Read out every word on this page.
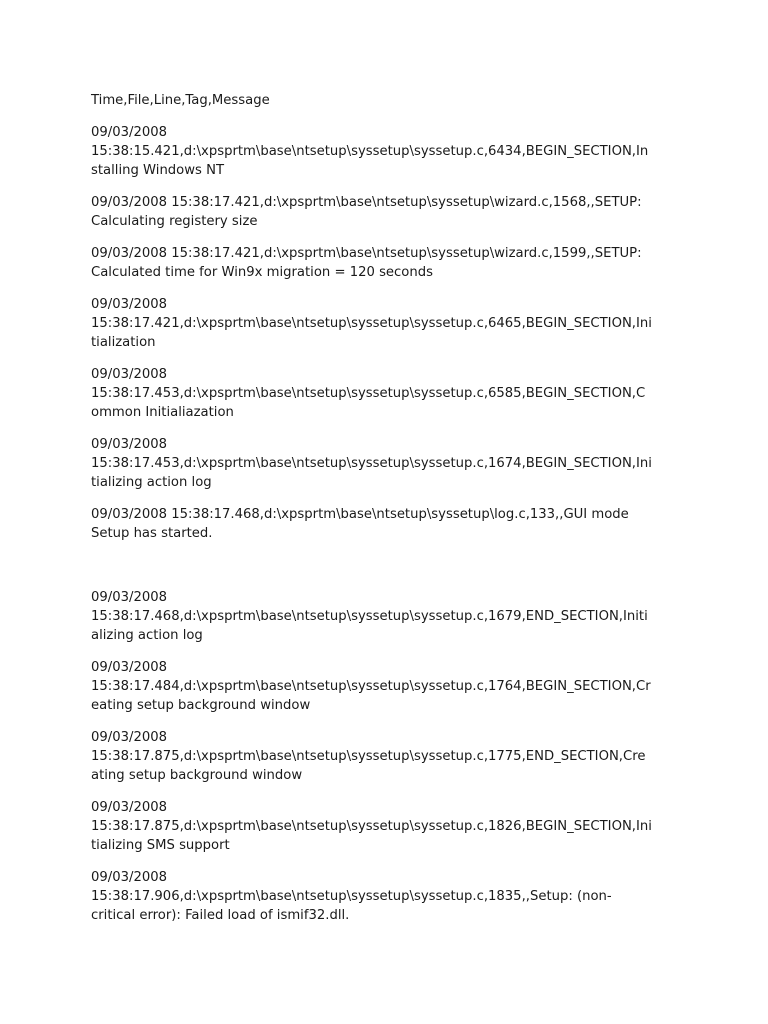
Time,File,Line,Tag,Message
09/03/2008
15:38:15.421,d:\xpsprtm\base\ntsetup\syssetup\syssetup.c,6434,BEGIN_SECTION,In
stalling Windows NT
09/03/2008 15:38:17.421,d:\xpsprtm\base\ntsetup\syssetup\wizard.c,1568,,SETUP:
Calculating registery size
09/03/2008 15:38:17.421,d:\xpsprtm\base\ntsetup\syssetup\wizard.c,1599,,SETUP:
Calculated time for Win9x migration = 120 seconds
09/03/2008
15:38:17.421,d:\xpsprtm\base\ntsetup\syssetup\syssetup.c,6465,BEGIN_SECTION,Ini
tialization
09/03/2008
15:38:17.453,d:\xpsprtm\base\ntsetup\syssetup\syssetup.c,6585,BEGIN_SECTION,C
ommon Initialiazation
09/03/2008
15:38:17.453,d:\xpsprtm\base\ntsetup\syssetup\syssetup.c,1674,BEGIN_SECTION,Ini
tializing action log
09/03/2008 15:38:17.468,d:\xpsprtm\base\ntsetup\syssetup\log.c,133,,GUI mode
Setup has started.
09/03/2008
15:38:17.468,d:\xpsprtm\base\ntsetup\syssetup\syssetup.c,1679,END_SECTION,Initi
alizing action log
09/03/2008
15:38:17.484,d:\xpsprtm\base\ntsetup\syssetup\syssetup.c,1764,BEGIN_SECTION,Cr
eating setup background window
09/03/2008
15:38:17.875,d:\xpsprtm\base\ntsetup\syssetup\syssetup.c,1775,END_SECTION,Cre
ating setup background window
09/03/2008
15:38:17.875,d:\xpsprtm\base\ntsetup\syssetup\syssetup.c,1826,BEGIN_SECTION,Ini
tializing SMS support
09/03/2008
15:38:17.906,d:\xpsprtm\base\ntsetup\syssetup\syssetup.c,1835,,Setup: (non-
critical error): Failed load of ismif32.dll.
